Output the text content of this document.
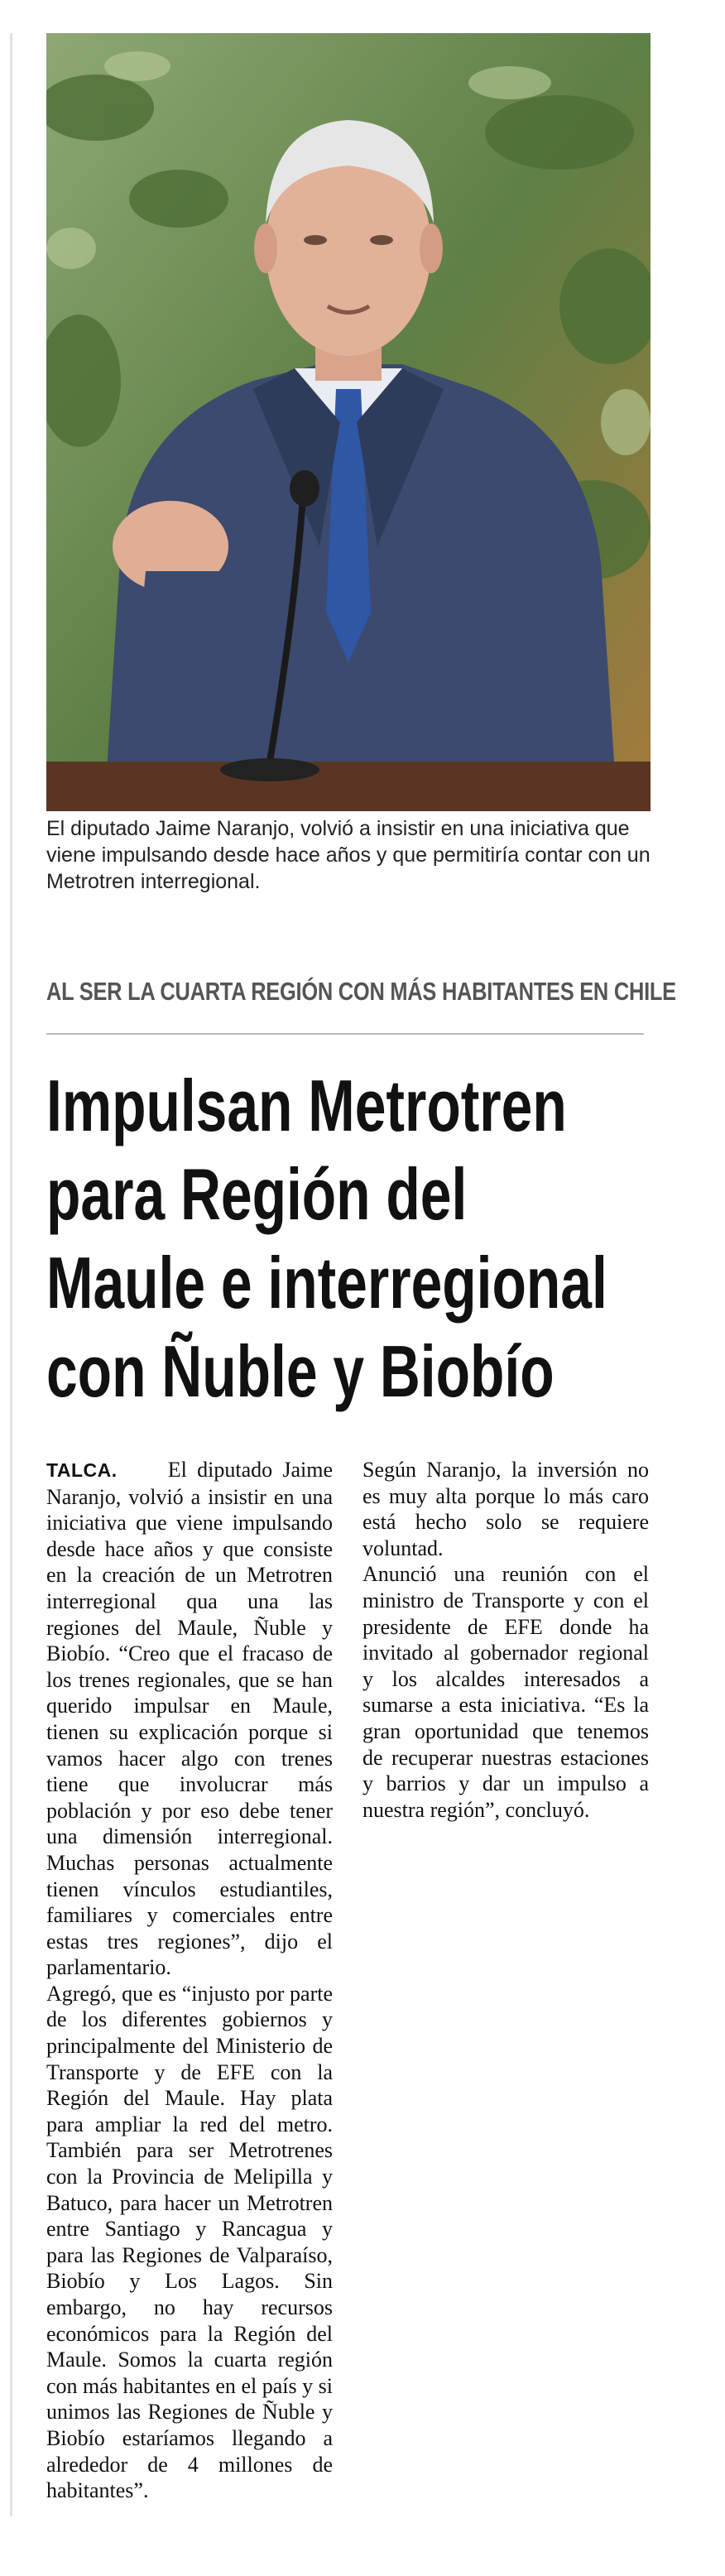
El diputado Jaime Naranjo, volvió a insistir en una iniciativa que viene impulsando desde hace años y que permitiría contar con un Metrotren interregional.

AL SER LA CUARTA REGIÓN CON MÁS HABITANTES EN CHILE

Impulsan Metrotren
para Región del
Maule e interregional
con Ñuble y Biobío

TALCA. El diputado Jaime Naranjo, volvió a insistir en una iniciativa que viene impulsando desde hace años y que consiste en la creación de un Metrotren interregional qua una las regiones del Maule, Ñuble y Biobío. “Creo que el fracaso de los trenes regionales, que se han querido impulsar en Maule, tienen su explicación porque si vamos hacer algo con trenes tiene que involucrar más población y por eso debe tener una dimensión interregional. Muchas personas actualmente tienen vínculos estudiantiles, familiares y comerciales entre estas tres regiones”, dijo el parlamentario.

Agregó, que es “injusto por parte de los diferentes gobiernos y principalmente del Ministerio de Transporte y de EFE con la Región del Maule. Hay plata para ampliar la red del metro. También para ser Metrotrenes con la Provincia de Melipilla y Batuco, para hacer un Metrotren entre Santiago y Rancagua y para las Regiones de Valparaíso, Biobío y Los Lagos. Sin embargo, no hay recursos económicos para la Región del Maule. Somos la cuarta región con más habitantes en el país y si unimos las Regiones de Ñuble y Biobío estaríamos llegando a alrededor de 4 millones de habitantes”.

Según Naranjo, la inversión no es muy alta porque lo más caro está hecho solo se requiere voluntad.

Anunció una reunión con el ministro de Transporte y con el presidente de EFE donde ha invitado al gobernador regional y los alcaldes interesados a sumarse a esta iniciativa. “Es la gran oportunidad que tenemos de recuperar nuestras estaciones y barrios y dar un impulso a nuestra región”, concluyó.
